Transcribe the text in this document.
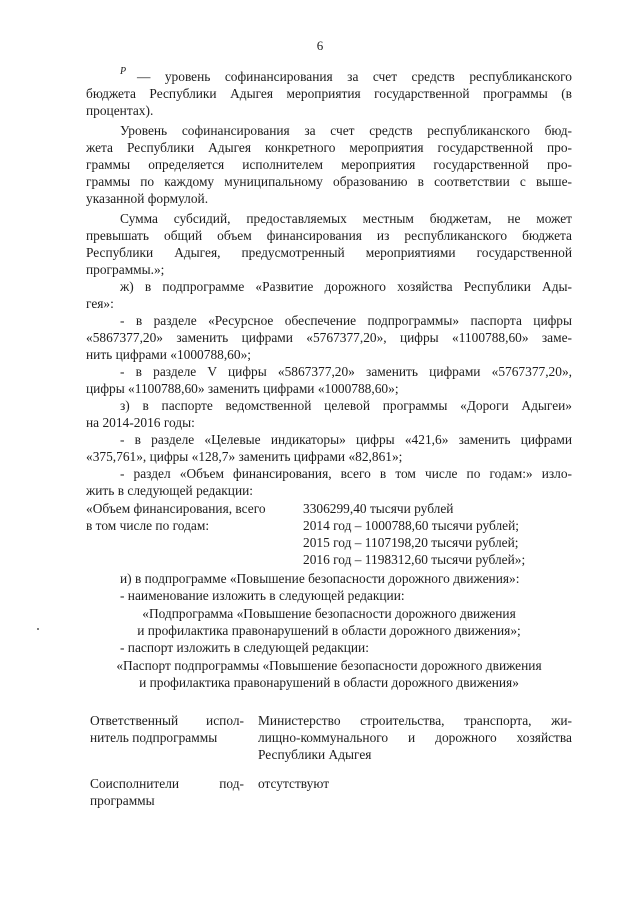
6
P — уровень софинансирования за счет средств республиканского
бюджета Республики Адыгея мероприятия государственной программы (в
процентах).
Уровень софинансирования за счет средств республиканского бюд-
жета Республики Адыгея конкретного мероприятия государственной про-
граммы определяется исполнителем мероприятия государственной про-
граммы по каждому муниципальному образованию в соответствии с выше-
указанной формулой.
Сумма субсидий, предоставляемых местным бюджетам, не может
превышать общий объем финансирования из республиканского бюджета
Республики Адыгея, предусмотренный мероприятиями государственной
программы.»;
ж) в подпрограмме «Развитие дорожного хозяйства Республики Ады-
гея»:
- в разделе «Ресурсное обеспечение подпрограммы» паспорта цифры
«5867377,20» заменить цифрами «5767377,20», цифры «1100788,60» заме-
нить цифрами «1000788,60»;
- в разделе V цифры «5867377,20» заменить цифрами «5767377,20»,
цифры «1100788,60» заменить цифрами «1000788,60»;
з) в паспорте ведомственной целевой программы «Дороги Адыгеи»
на 2014-2016 годы:
- в разделе «Целевые индикаторы» цифры «421,6» заменить цифрами
«375,761», цифры «128,7» заменить цифрами «82,861»;
- раздел «Объем финансирования, всего в том числе по годам:» изло-
жить в следующей редакции:
«Объем финансирования, всего
в том числе по годам:
3306299,40 тысячи рублей
2014 год – 1000788,60 тысячи рублей;
2015 год – 1107198,20 тысячи рублей;
2016 год – 1198312,60 тысячи рублей»;
и) в подпрограмме «Повышение безопасности дорожного движения»:
- наименование изложить в следующей редакции:
«Подпрограмма «Повышение безопасности дорожного движения
и профилактика правонарушений в области дорожного движения»;
- паспорт изложить в следующей редакции:
«Паспорт подпрограммы «Повышение безопасности дорожного движения
и профилактика правонарушений в области дорожного движения»
Ответственный испол-
нитель подпрограммы
Министерство строительства, транспорта, жи-
лищно-коммунального и дорожного хозяйства
Республики Адыгея
Соисполнители под-
программы
отсутствуют
